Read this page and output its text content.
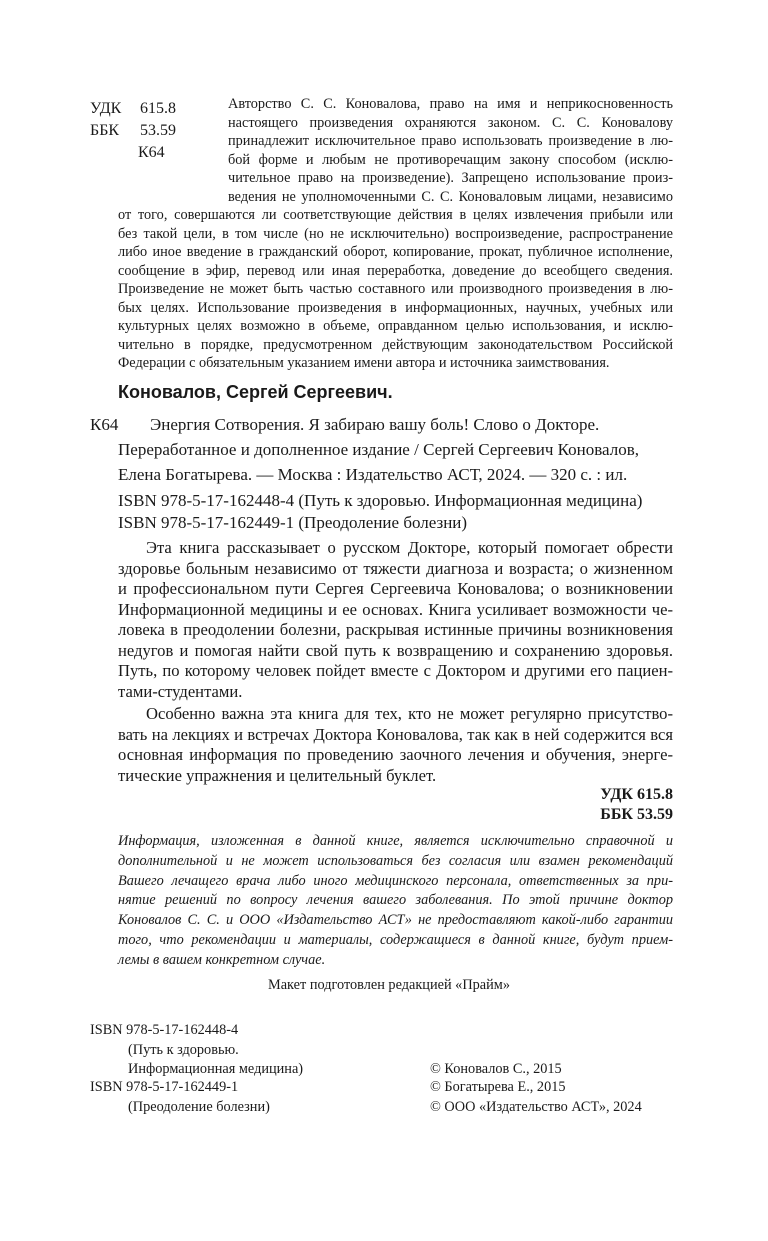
УДК 615.8
ББК 53.59
К64
Авторство С. С. Коновалова, право на имя и неприкосновенность
настоящего произведения охраняются законом. С. С. Коновалову
принадлежит исключительное право использовать произведение в лю-
бой форме и любым не противоречащим закону способом (исклю-
чительное право на произведение). Запрещено использование произ-
ведения не уполномоченными С. С. Коноваловым лицами, независимо
от того, совершаются ли соответствующие действия в целях извлечения прибыли или
без такой цели, в том числе (но не исключительно) воспроизведение, распространение
либо иное введение в гражданский оборот, копирование, прокат, публичное исполнение,
сообщение в эфир, перевод или иная переработка, доведение до всеобщего сведения.
Произведение не может быть частью составного или производного произведения в лю-
бых целях. Использование произведения в информационных, научных, учебных или
культурных целях возможно в объеме, оправданном целью использования, и исклю-
чительно в порядке, предусмотренном действующим законодательством Российской
Федерации с обязательным указанием имени автора и источника заимствования.
Коновалов, Сергей Сергеевич.
К64 Энергия Сотворения. Я забираю вашу боль! Слово о Докторе.
Переработанное и дополненное издание / Сергей Сергеевич Коновалов,
Елена Богатырева. — Москва : Издательство АСТ, 2024. — 320 с. : ил.
ISBN 978-5-17-162448-4 (Путь к здоровью. Информационная медицина)
ISBN 978-5-17-162449-1 (Преодоление болезни)
Эта книга рассказывает о русском Докторе, который помогает обрести
здоровье больным независимо от тяжести диагноза и возраста; о жизненном
и профессиональном пути Сергея Сергеевича Коновалова; о возникновении
Информационной медицины и ее основах. Книга усиливает возможности че-
ловека в преодолении болезни, раскрывая истинные причины возникновения
недугов и помогая найти свой путь к возвращению и сохранению здоровья.
Путь, по которому человек пойдет вместе с Доктором и другими его пациен-
тами-студентами.
Особенно важна эта книга для тех, кто не может регулярно присутство-
вать на лекциях и встречах Доктора Коновалова, так как в ней содержится вся
основная информация по проведению заочного лечения и обучения, энерге-
тические упражнения и целительный буклет.
УДК 615.8
ББК 53.59
Информация, изложенная в данной книге, является исключительно справочной и
дополнительной и не может использоваться без согласия или взамен рекомендаций
Вашего лечащего врача либо иного медицинского персонала, ответственных за при-
нятие решений по вопросу лечения вашего заболевания. По этой причине доктор
Коновалов С. С. и ООО «Издательство АСТ» не предоставляют какой-либо гарантии
того, что рекомендации и материалы, содержащиеся в данной книге, будут прием-
лемы в вашем конкретном случае.
Макет подготовлен редакцией «Прайм»
ISBN 978-5-17-162448-4
(Путь к здоровью.
Информационная медицина)
ISBN 978-5-17-162449-1
(Преодоление болезни)
© Коновалов С., 2015
© Богатырева Е., 2015
© ООО «Издательство АСТ», 2024
